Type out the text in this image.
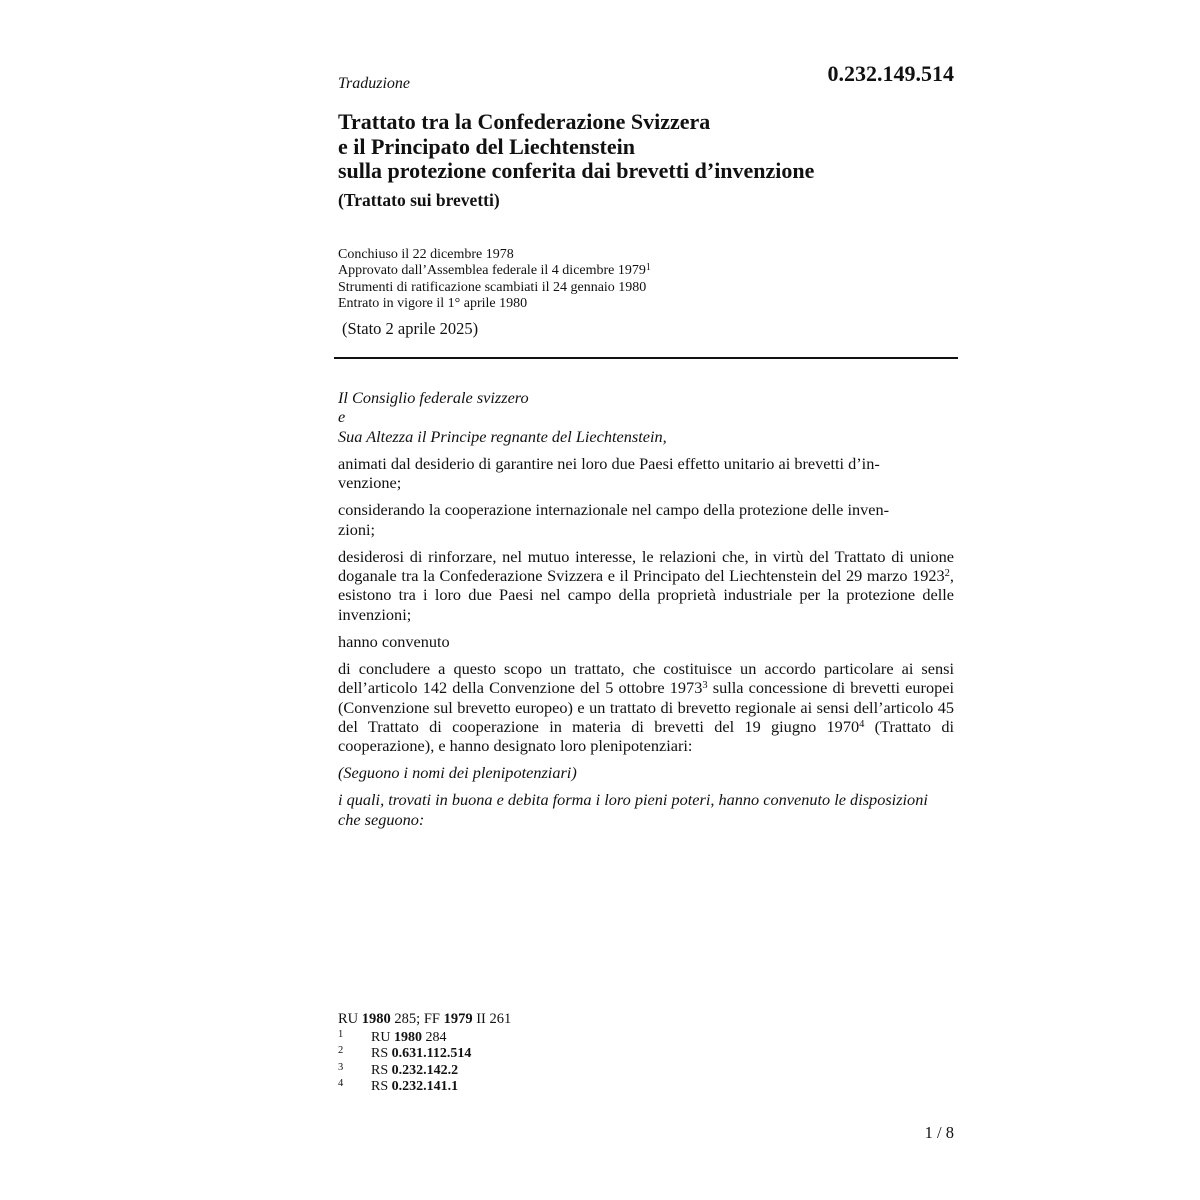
Traduzione	0.232.149.514
Trattato tra la Confederazione Svizzera
e il Principato del Liechtenstein
sulla protezione conferita dai brevetti d’invenzione
(Trattato sui brevetti)
Conchiuso il 22 dicembre 1978
Approvato dall’Assemblea federale il 4 dicembre 1979$^1$
Strumenti di ratificazione scambiati il 24 gennaio 1980
Entrato in vigore il 1° aprile 1980
(Stato 2 aprile 2025)

Il Consiglio federale svizzero

e

Sua Altezza il Principe regnante del Liechtenstein,

animati dal desiderio di garantire nei loro due Paesi effetto unitario ai brevetti d’in-
venzione;

considerando la cooperazione internazionale nel campo della protezione delle inven-
zioni;

desiderosi di rinforzare, nel mutuo interesse, le relazioni che, in virtù del Trattato di unione doganale tra la Confederazione Svizzera e il Principato del Liechtenstein del 29 marzo 1923$^2$, esistono tra i loro due Paesi nel campo della proprietà industriale per la protezione delle invenzioni;

hanno convenuto

di concludere a questo scopo un trattato, che costituisce un accordo particolare ai sensi dell’articolo 142 della Convenzione del 5 ottobre 1973$^3$ sulla concessione di brevetti europei (Convenzione sul brevetto europeo) e un trattato di brevetto regionale ai sensi dell’articolo 45 del Trattato di cooperazione in materia di brevetti del 19 giugno 1970$^4$ (Trattato di cooperazione), e hanno designato loro plenipotenziari:

(Seguono i nomi dei plenipotenziari)

i quali, trovati in buona e debita forma i loro pieni poteri, hanno convenuto le disposizioni che seguono:

RU 1980 285; FF 1979 II 261
1	RU
1980
284
2	RS
0.631.112.514
3	RS
0.232.142.2
4	RS
0.232.141.1
1 / 8
